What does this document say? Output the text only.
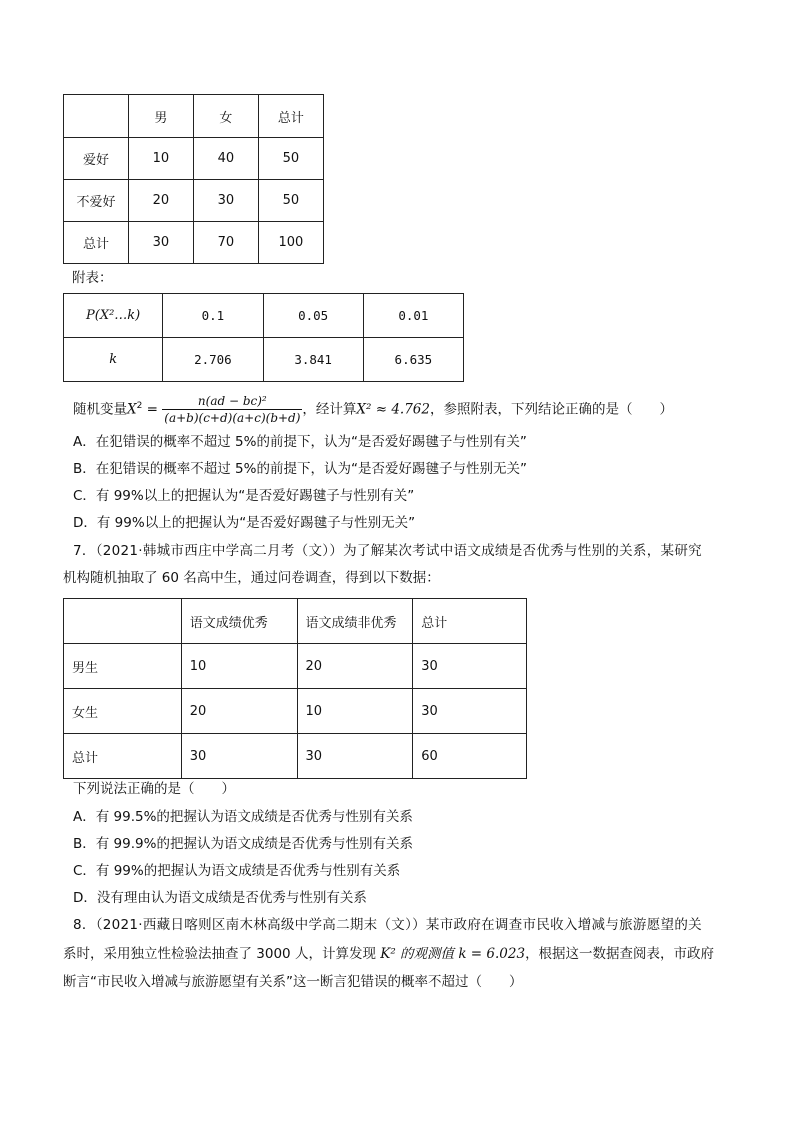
	男	女	总计
爱好	10	40	50
不爱好	20	30	50
总计	30	70	100
附表：
P(X²…k)	0.1	0.05	0.01
k	2.706	3.841	6.635
随机变量$X^2 = \frac{\text{n(ad − bc)²}}{(a+b)(c+d)(a+c)(b+d)}$ ，经计算X² ≈ 4.762，参照附表，下列结论正确的是（　　）
A．在犯错误的概率不超过 5%的前提下，认为“是否爱好踢毽子与性别有关”
B．在犯错误的概率不超过 5%的前提下，认为“是否爱好踢毽子与性别无关”
C．有 99%以上的把握认为“是否爱好踢毽子与性别有关”
D．有 99%以上的把握认为“是否爱好踢毽子与性别无关”
7．（2021·韩城市西庄中学高二月考（文））为了解某次考试中语文成绩是否优秀与性别的关系，某研究
机构随机抽取了 60 名高中生，通过问卷调查，得到以下数据：
	语文成绩优秀	语文成绩非优秀	总计
男生	10	20	30
女生	20	10	30
总计	30	30	60
下列说法正确的是（　　）
A．有 99.5%的把握认为语文成绩是否优秀与性别有关系
B．有 99.9%的把握认为语文成绩是否优秀与性别有关系
C．有 99%的把握认为语文成绩是否优秀与性别有关系
D．没有理由认为语文成绩是否优秀与性别有关系
8．（2021·西藏日喀则区南木林高级中学高二期末（文））某市政府在调查市民收入增减与旅游愿望的关
系时，采用独立性检验法抽查了 3000 人，计算发现 K² 的观测值 k = 6.023，根据这一数据查阅表，市政府
断言“市民收入增减与旅游愿望有关系”这一断言犯错误的概率不超过（　　）
